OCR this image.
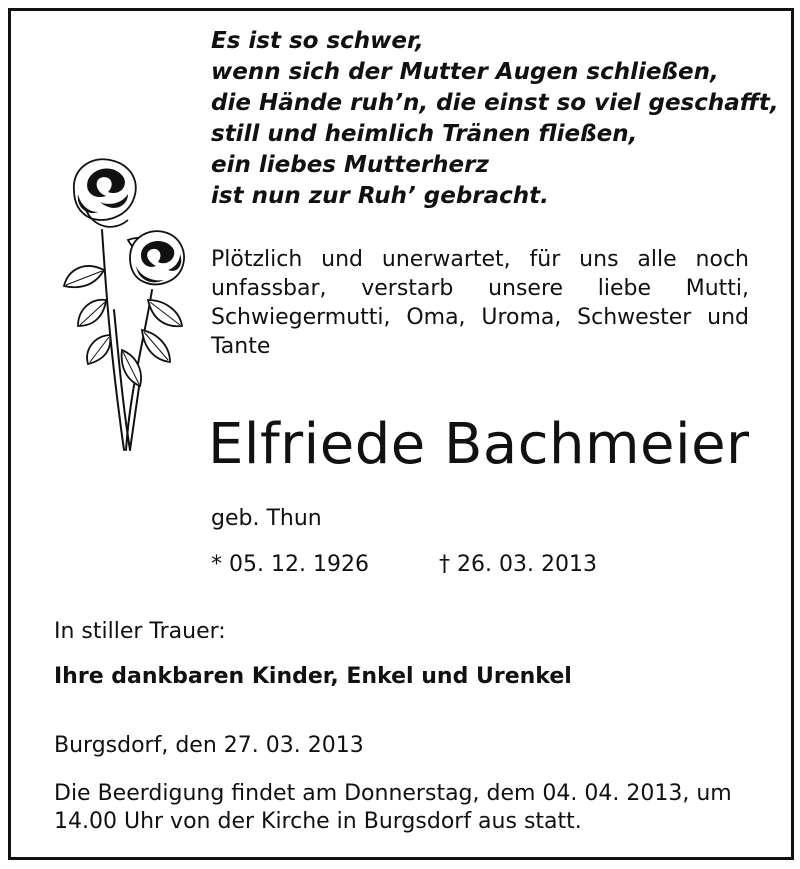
Es ist so schwer,
wenn sich der Mutter Augen schließen,
die Hände ruh’n, die einst so viel geschafft,
still und heimlich Tränen fließen,
ein liebes Mutterherz
ist nun zur Ruh’ gebracht.

Plötzlich und unerwartet, für uns alle noch unfassbar, verstarb unsere liebe Mutti, Schwiegermutti, Oma, Uroma, Schwester und Tante

Elfriede Bachmeier

geb. Thun

* 05. 12. 1926	† 26. 03. 2013

In stiller Trauer:

Ihre dankbaren Kinder, Enkel und Urenkel

Burgsdorf, den 27. 03. 2013

Die Beerdigung findet am Donnerstag, dem 04. 04. 2013, um 14.00 Uhr von der Kirche in Burgsdorf aus statt.
